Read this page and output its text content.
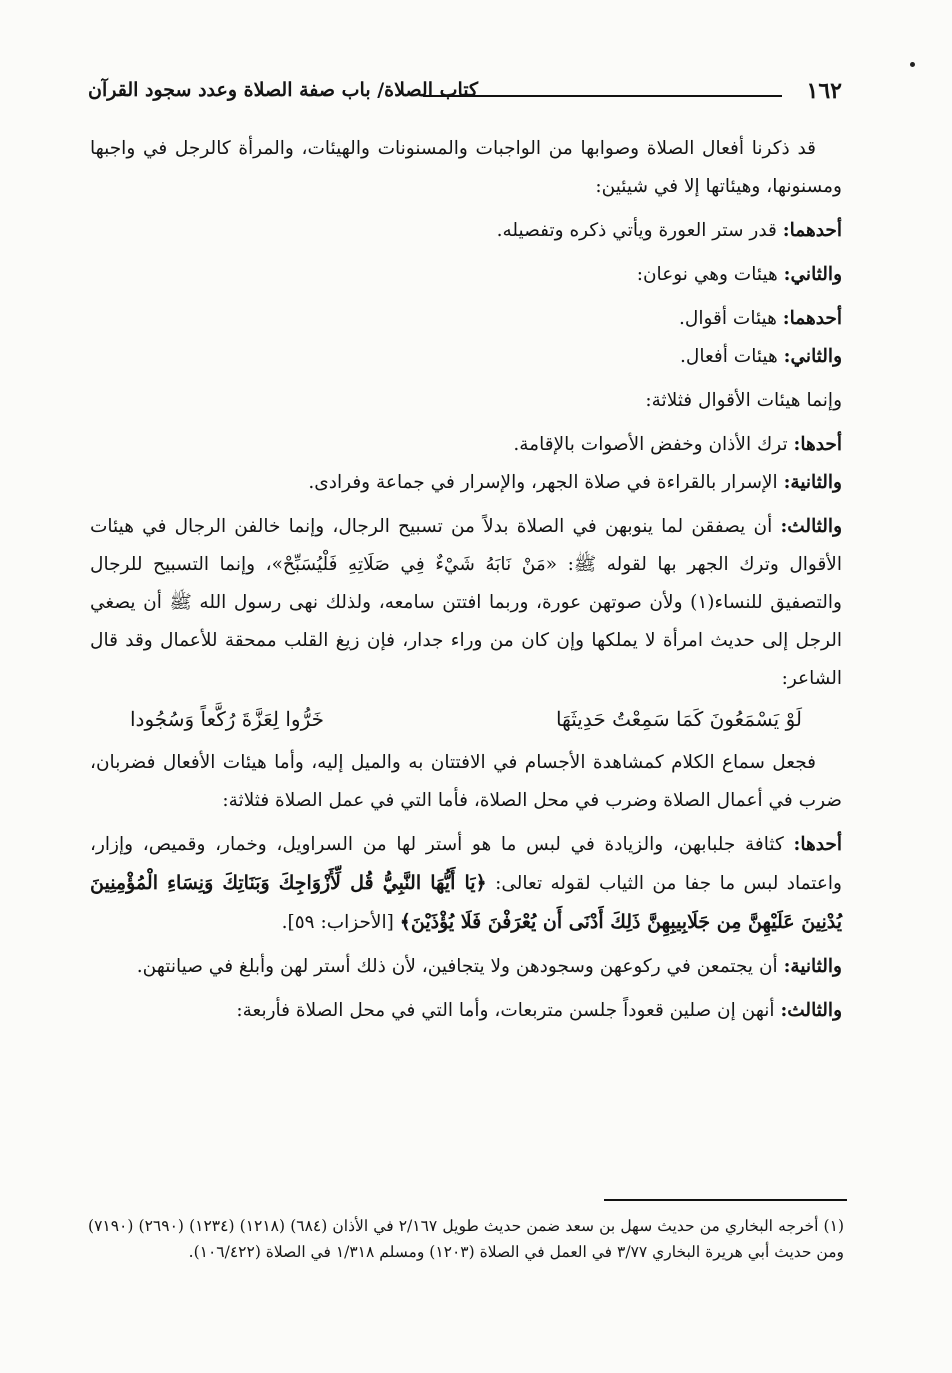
١٦٢
كتاب الصلاة/ باب صفة الصلاة وعدد سجود القرآن

قد ذكرنا أفعال الصلاة وصوابها من الواجبات والمسنونات والهيئات، والمرأة كالرجل في واجبها ومسنونها، وهيئاتها إلا في شيئين:

أحدهما: قدر ستر العورة ويأتي ذكره وتفصيله.

والثاني: هيئات وهي نوعان:

أحدهما: هيئات أقوال.

والثاني: هيئات أفعال.

وإنما هيئات الأقوال فثلاثة:

أحدها: ترك الأذان وخفض الأصوات بالإقامة.

والثانية: الإسرار بالقراءة في صلاة الجهر، والإسرار في جماعة وفرادى.

والثالث: أن يصفقن لما ينوبهن في الصلاة بدلاً من تسبيح الرجال، وإنما خالفن الرجال في هيئات الأقوال وترك الجهر بها لقوله ﷺ: «مَنْ نَابَهُ شَيْءٌ فِي صَلَاتِهِ فَلْيُسَبِّحْ»، وإنما التسبيح للرجال والتصفيق للنساء(١) ولأن صوتهن عورة، وربما افتتن سامعه، ولذلك نهى رسول الله ﷺ أن يصغي الرجل إلى حديث امرأة لا يملكها وإن كان من وراء جدار، فإن زيغ القلب ممحقة للأعمال وقد قال الشاعر:

لَوْ يَسْمَعُونَ كَمَا سَمِعْتُ حَدِيثَهَا
خَرُّوا لِعَزَّةَ رُكَّعاً وَسُجُودا

فجعل سماع الكلام كمشاهدة الأجسام في الافتتان به والميل إليه، وأما هيئات الأفعال فضربان، ضرب في أعمال الصلاة وضرب في محل الصلاة، فأما التي في عمل الصلاة فثلاثة:

أحدها: كثافة جلبابهن، والزيادة في لبس ما هو أستر لها من السراويل، وخمار، وقميص، وإزار، واعتماد لبس ما جفا من الثياب لقوله تعالى: ﴿يَا أَيُّهَا النَّبِيُّ قُل لِّأَزْوَاجِكَ وَبَنَاتِكَ وَنِسَاءِ الْمُؤْمِنِينَ يُدْنِينَ عَلَيْهِنَّ مِن جَلَابِيبِهِنَّ ذَلِكَ أَدْنَى أَن يُعْرَفْنَ فَلَا يُؤْذَيْنَ﴾ [الأحزاب: ٥٩].

والثانية: أن يجتمعن في ركوعهن وسجودهن ولا يتجافين، لأن ذلك أستر لهن وأبلغ في صيانتهن.

والثالث: أنهن إن صلين قعوداً جلسن متربعات، وأما التي في محل الصلاة فأربعة:

(١) أخرجه البخاري من حديث سهل بن سعد ضمن حديث طويل ٢/١٦٧ في الأذان (٦٨٤) (١٢١٨) (١٢٣٤) (٢٦٩٠) (٧١٩٠) ومن حديث أبي هريرة البخاري ٣/٧٧ في العمل في الصلاة (١٢٠٣) ومسلم ١/٣١٨ في الصلاة (١٠٦/٤٢٢).
